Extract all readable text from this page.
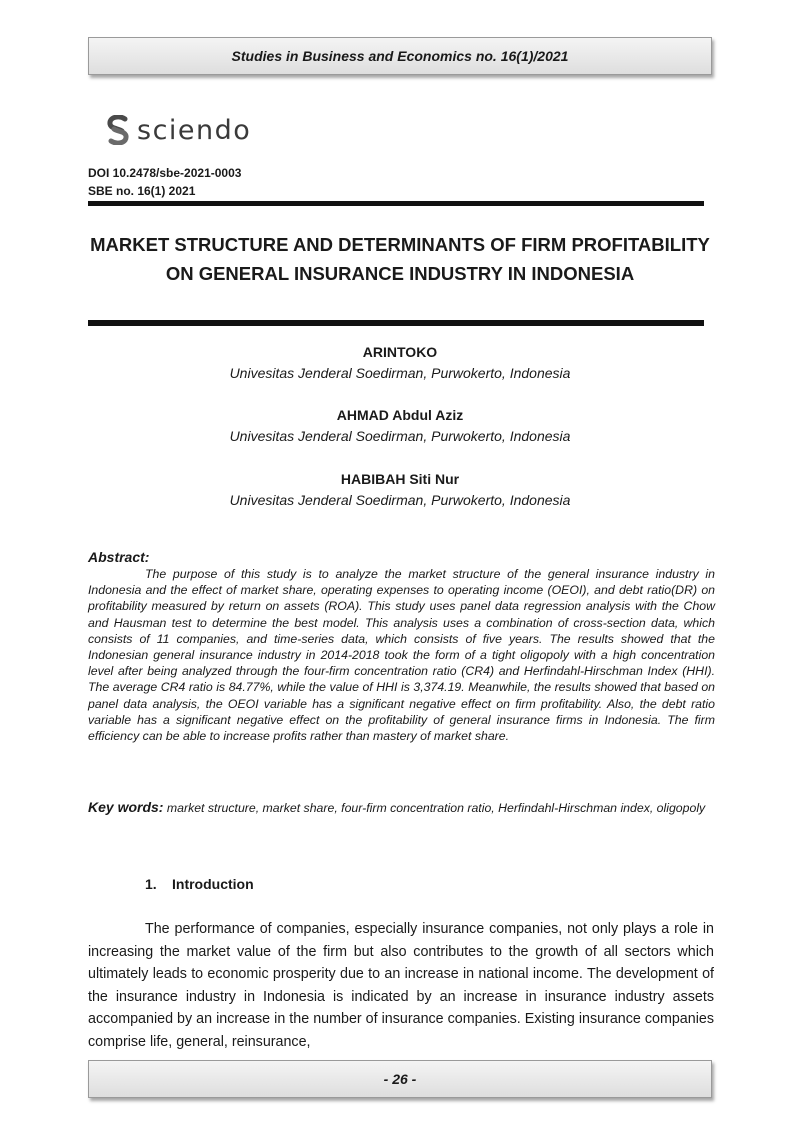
Studies in Business and Economics no. 16(1)/2021
sciendo
DOI 10.2478/sbe-2021-0003
SBE no. 16(1) 2021
MARKET STRUCTURE AND DETERMINANTS OF FIRM PROFITABILITY ON GENERAL INSURANCE INDUSTRY IN INDONESIA
ARINTOKO
Univesitas Jenderal Soedirman, Purwokerto, Indonesia
AHMAD Abdul Aziz
Univesitas Jenderal Soedirman, Purwokerto, Indonesia
HABIBAH Siti Nur
Univesitas Jenderal Soedirman, Purwokerto, Indonesia
Abstract:
The purpose of this study is to analyze the market structure of the general insurance industry in Indonesia and the effect of market share, operating expenses to operating income (OEOI), and debt ratio(DR) on profitability measured by return on assets (ROA). This study uses panel data regression analysis with the Chow and Hausman test to determine the best model. This analysis uses a combination of cross-section data, which consists of 11 companies, and time-series data, which consists of five years. The results showed that the Indonesian general insurance industry in 2014-2018 took the form of a tight oligopoly with a high concentration level after being analyzed through the four-firm concentration ratio (CR4) and Herfindahl-Hirschman Index (HHI). The average CR4 ratio is 84.77%, while the value of HHI is 3,374.19. Meanwhile, the results showed that based on panel data analysis, the OEOI variable has a significant negative effect on firm profitability. Also, the debt ratio variable has a significant negative effect on the profitability of general insurance firms in Indonesia. The firm efficiency can be able to increase profits rather than mastery of market share.
Key words: market structure, market share, four-firm concentration ratio, Herfindahl-Hirschman index, oligopoly
1. Introduction
The performance of companies, especially insurance companies, not only plays a role in increasing the market value of the firm but also contributes to the growth of all sectors which ultimately leads to economic prosperity due to an increase in national income. The development of the insurance industry in Indonesia is indicated by an increase in insurance industry assets accompanied by an increase in the number of insurance companies. Existing insurance companies comprise life, general, reinsurance,
- 26 -
